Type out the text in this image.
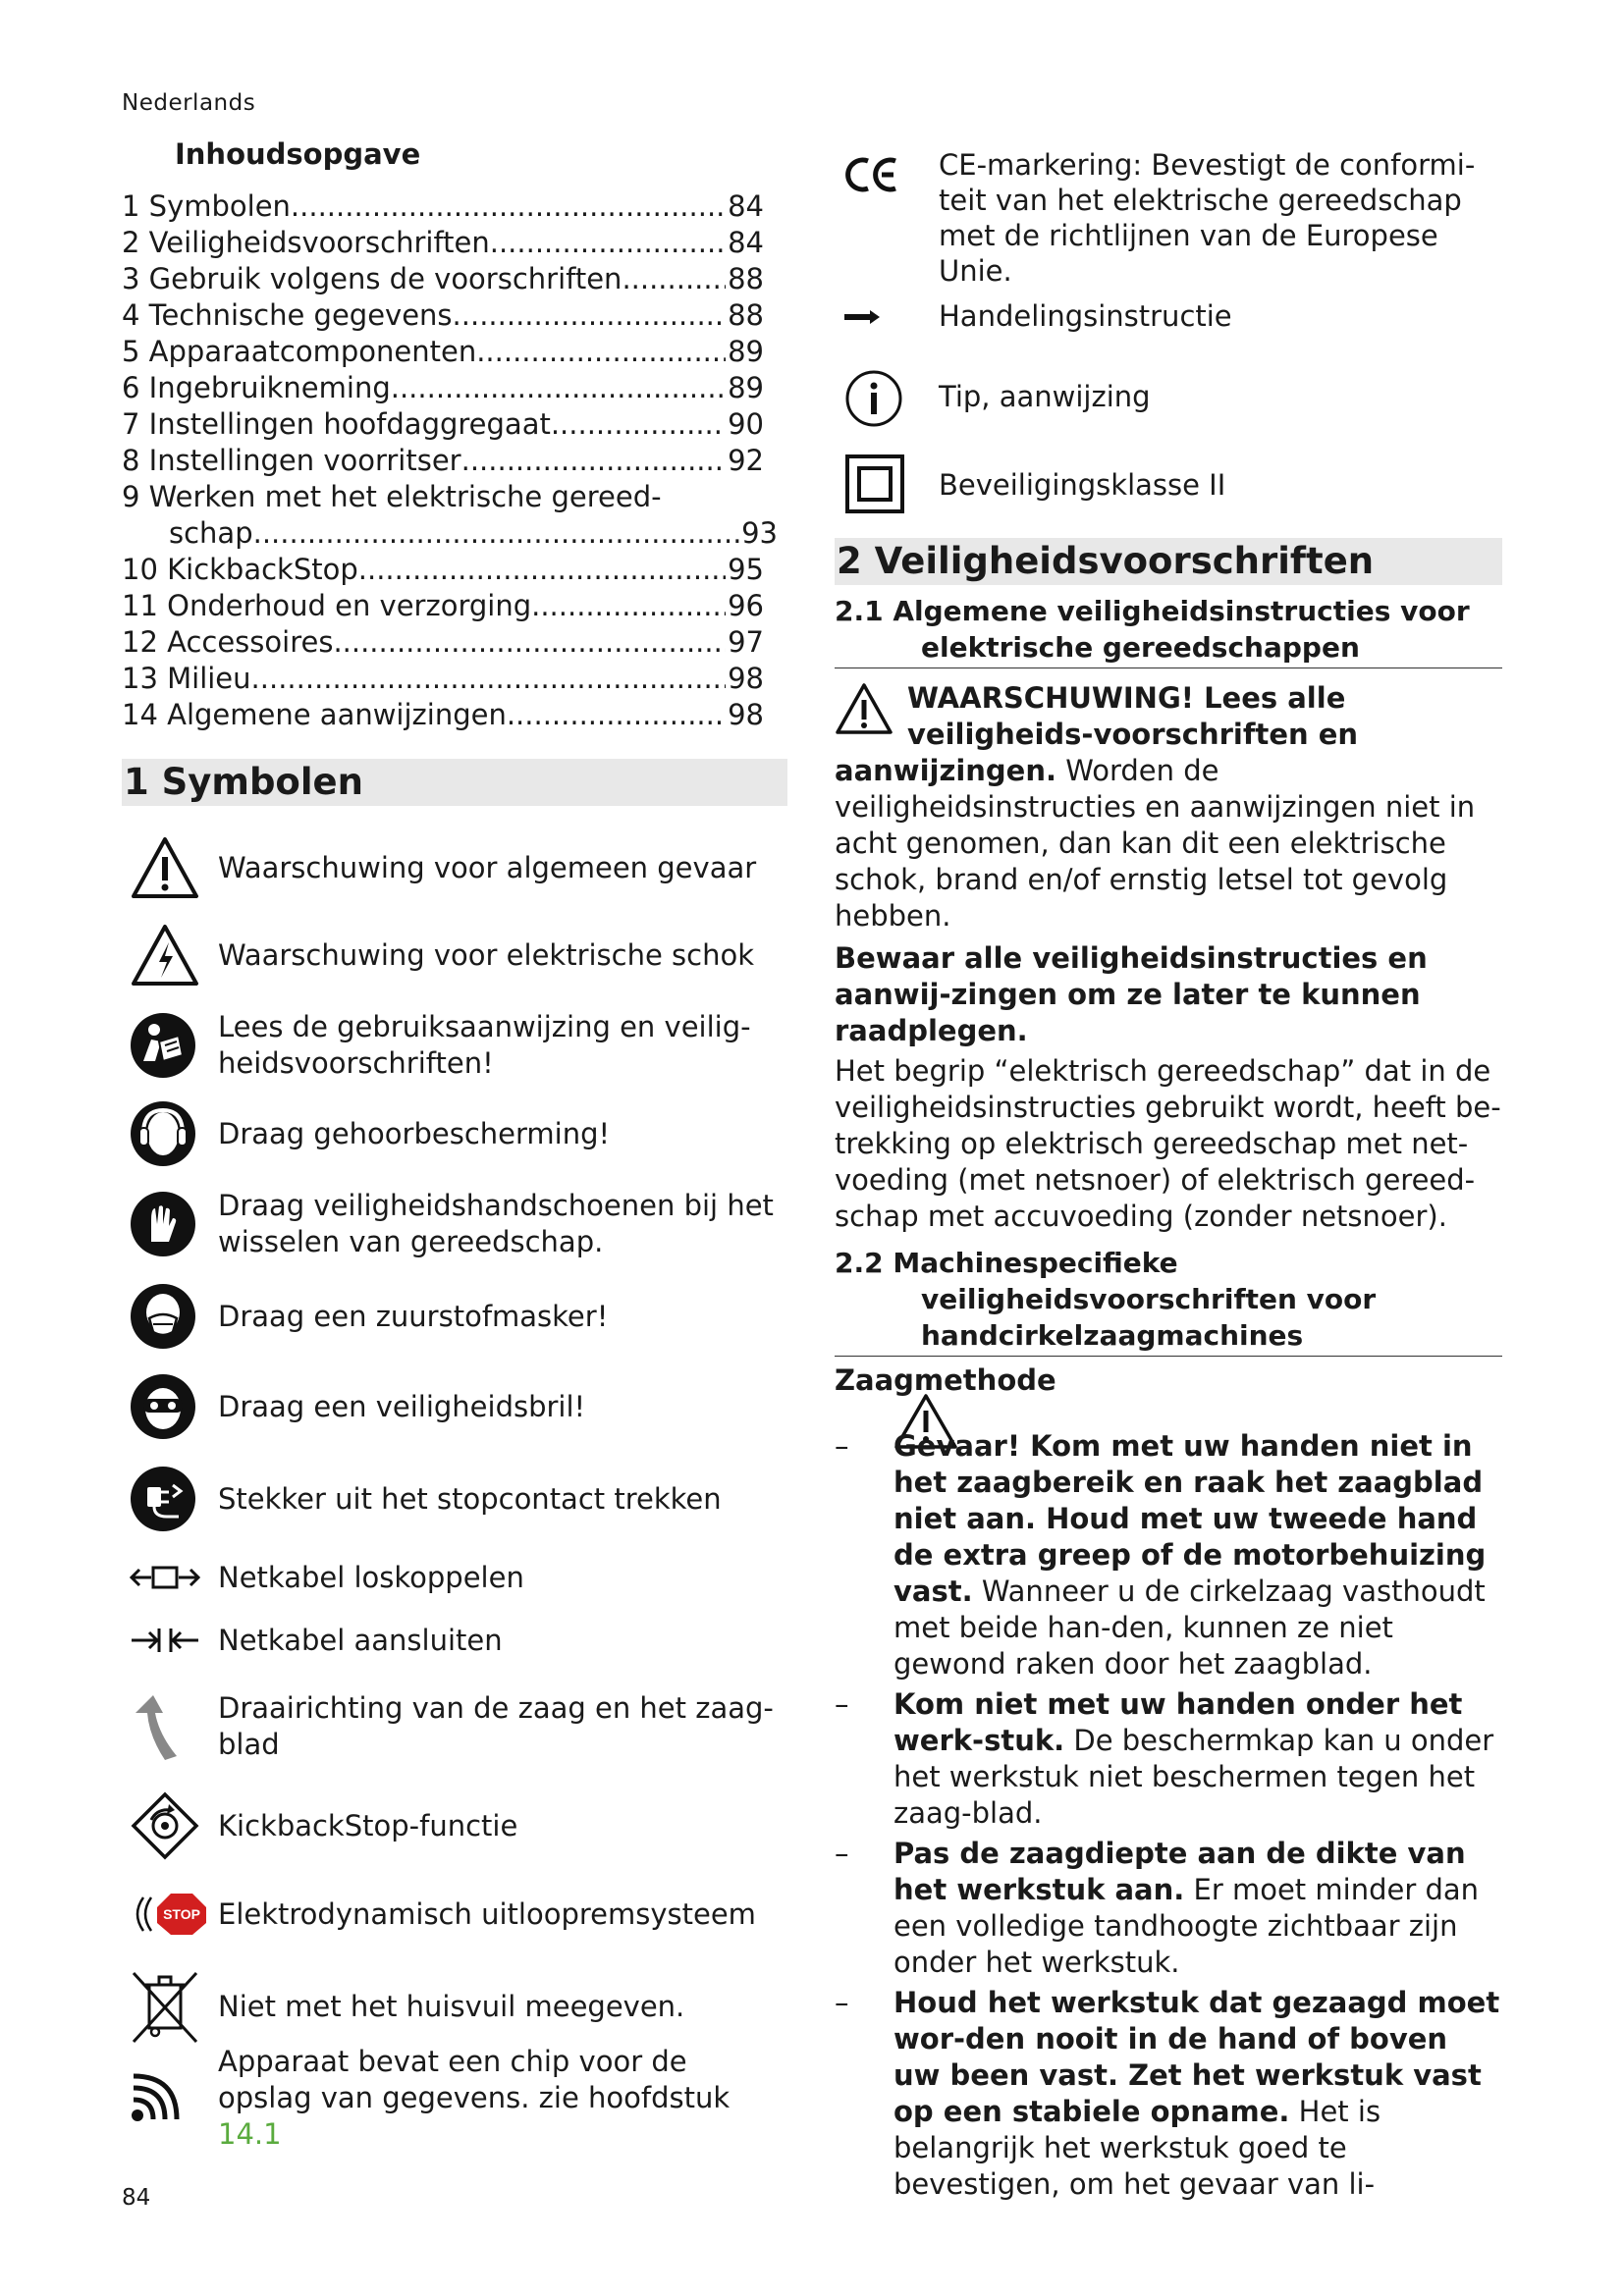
Nederlands
Inhoudsopgave
1 Symbolen .....	84
2 Veiligheidsvoorschriften .....	84
3 Gebruik volgens de voorschriften .....	88
4 Technische gegevens .....	88
5 Apparaatcomponenten .....	89
6 Ingebruikneming .....	89
7 Instellingen hoofdaggregaat .....	90
8 Instellingen voorritser .....	92
9 Werken met het elektrische gereed-
schap .....	93
10 KickbackStop .....	95
11 Onderhoud en verzorging .....	96
12 Accessoires .....	97
13 Milieu .....	98
14 Algemene aanwijzingen .....	98
1 Symbolen
Waarschuwing voor algemeen gevaar
Waarschuwing voor elektrische schok
Lees de gebruiksaanwijzing en veilig-heidsvoorschriften!
Draag gehoorbescherming!
Draag veiligheidshandschoenen bij het wisselen van gereedschap.
Draag een zuurstofmasker!
Draag een veiligheidsbril!
Stekker uit het stopcontact trekken
Netkabel loskoppelen
Netkabel aansluiten
Draairichting van de zaag en het zaag-blad
KickbackStop-functie
STOP Elektrodynamisch uitloopremsysteem
Niet met het huisvuil meegeven.
Apparaat bevat een chip voor de opslag van gegevens. zie hoofdstuk 14.1
CE-markering: Bevestigt de conformi-teit van het elektrische gereedschap met de richtlijnen van de Europese Unie.
Handelingsinstructie
Tip, aanwijzing
Beveiligingsklasse II
2 Veiligheidsvoorschriften
2.1 Algemene veiligheidsinstructies voor
elektrische gereedschappen
WAARSCHUWING! Lees alle veiligheids-voorschriften en aanwijzingen. Worden de veiligheidsinstructies en aanwijzingen niet in acht genomen, dan kan dit een elektrische schok, brand en/of ernstig letsel tot gevolg hebben.
Bewaar alle veiligheidsinstructies en aanwij-zingen om ze later te kunnen raadplegen.
Het begrip “elektrisch gereedschap” dat in de veiligheidsinstructies gebruikt wordt, heeft be-trekking op elektrisch gereedschap met net-voeding (met netsnoer) of elektrisch gereed-schap met accuvoeding (zonder netsnoer).
2.2 Machinespecifieke
veiligheidsvoorschriften voor
handcirkelzaagmachines
Zaagmethode
– Gevaar! Kom met uw handen niet in het zaagbereik en raak het zaagblad niet aan. Houd met uw tweede hand de extra greep of de motorbehuizing vast. Wanneer u de cirkelzaag vasthoudt met beide han-den, kunnen ze niet gewond raken door het zaagblad.
– Kom niet met uw handen onder het werk-stuk. De beschermkap kan u onder het werkstuk niet beschermen tegen het zaag-blad.
– Pas de zaagdiepte aan de dikte van het werkstuk aan. Er moet minder dan een volledige tandhoogte zichtbaar zijn onder het werkstuk.
– Houd het werkstuk dat gezaagd moet wor-den nooit in de hand of boven uw been vast. Zet het werkstuk vast op een stabiele opname. Het is belangrijk het werkstuk goed te bevestigen, om het gevaar van li-
84
